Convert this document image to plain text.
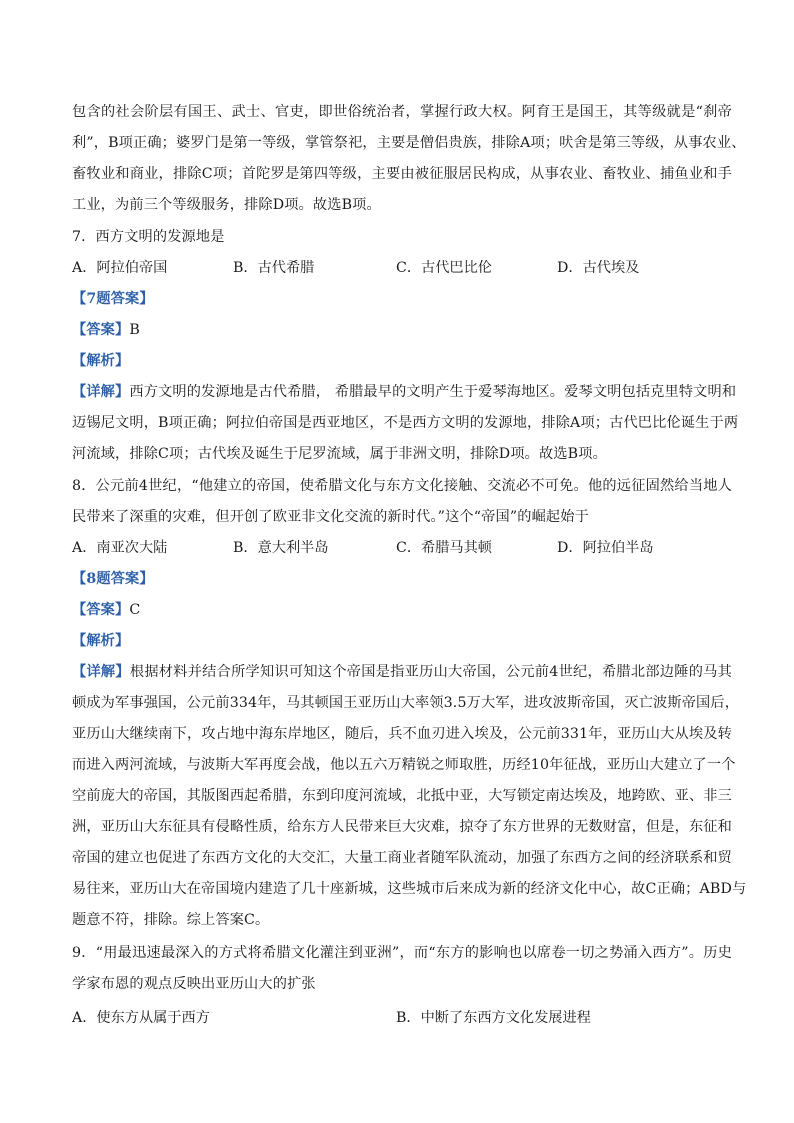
包含的社会阶层有国王、武士、官吏，即世俗统治者，掌握行政大权。阿育王是国王，其等级就是“刹帝
利”，B项正确；婆罗门是第一等级，掌管祭祀，主要是僧侣贵族，排除A项；吠舍是第三等级，从事农业、
畜牧业和商业，排除C项；首陀罗是第四等级，主要由被征服居民构成，从事农业、畜牧业、捕鱼业和手
工业，为前三个等级服务，排除D项。故选B项。
7．西方文明的发源地是
A．阿拉伯帝国	B．古代希腊	C．古代巴比伦	D．古代埃及
【7题答案】
【答案】B
【解析】
【详解】西方文明的发源地是古代希腊， 希腊最早的文明产生于爱琴海地区。爱琴文明包括克里特文明和
迈锡尼文明，B项正确；阿拉伯帝国是西亚地区，不是西方文明的发源地，排除A项；古代巴比伦诞生于两
河流域，排除C项；古代埃及诞生于尼罗流域，属于非洲文明，排除D项。故选B项。
8．公元前4世纪，“他建立的帝国，使希腊文化与东方文化接触、交流必不可免。他的远征固然给当地人
民带来了深重的灾难，但开创了欧亚非文化交流的新时代。”这个“帝国”的崛起始于
A．南亚次大陆	B．意大利半岛	C．希腊马其顿	D．阿拉伯半岛
【8题答案】
【答案】C
【解析】
【详解】根据材料并结合所学知识可知这个帝国是指亚历山大帝国，公元前4世纪，希腊北部边陲的马其
顿成为军事强国，公元前334年，马其顿国王亚历山大率领3.5万大军，进攻波斯帝国，灭亡波斯帝国后，
亚历山大继续南下，攻占地中海东岸地区，随后，兵不血刃进入埃及，公元前331年，亚历山大从埃及转
而进入两河流域，与波斯大军再度会战，他以五六万精锐之师取胜，历经10年征战，亚历山大建立了一个
空前庞大的帝国，其版图西起希腊，东到印度河流域，北抵中亚，大写锁定南达埃及，地跨欧、亚、非三
洲，亚历山大东征具有侵略性质，给东方人民带来巨大灾难，掠夺了东方世界的无数财富，但是，东征和
帝国的建立也促进了东西方文化的大交汇，大量工商业者随军队流动，加强了东西方之间的经济联系和贸
易往来，亚历山大在帝国境内建造了几十座新城，这些城市后来成为新的经济文化中心，故C正确；ABD与
题意不符，排除。综上答案C。
9．“用最迅速最深入的方式将希腊文化灌注到亚洲”，而“东方的影响也以席卷一切之势涌入西方”。历史
学家布恩的观点反映出亚历山大的扩张
A．使东方从属于西方	B．中断了东西方文化发展进程
